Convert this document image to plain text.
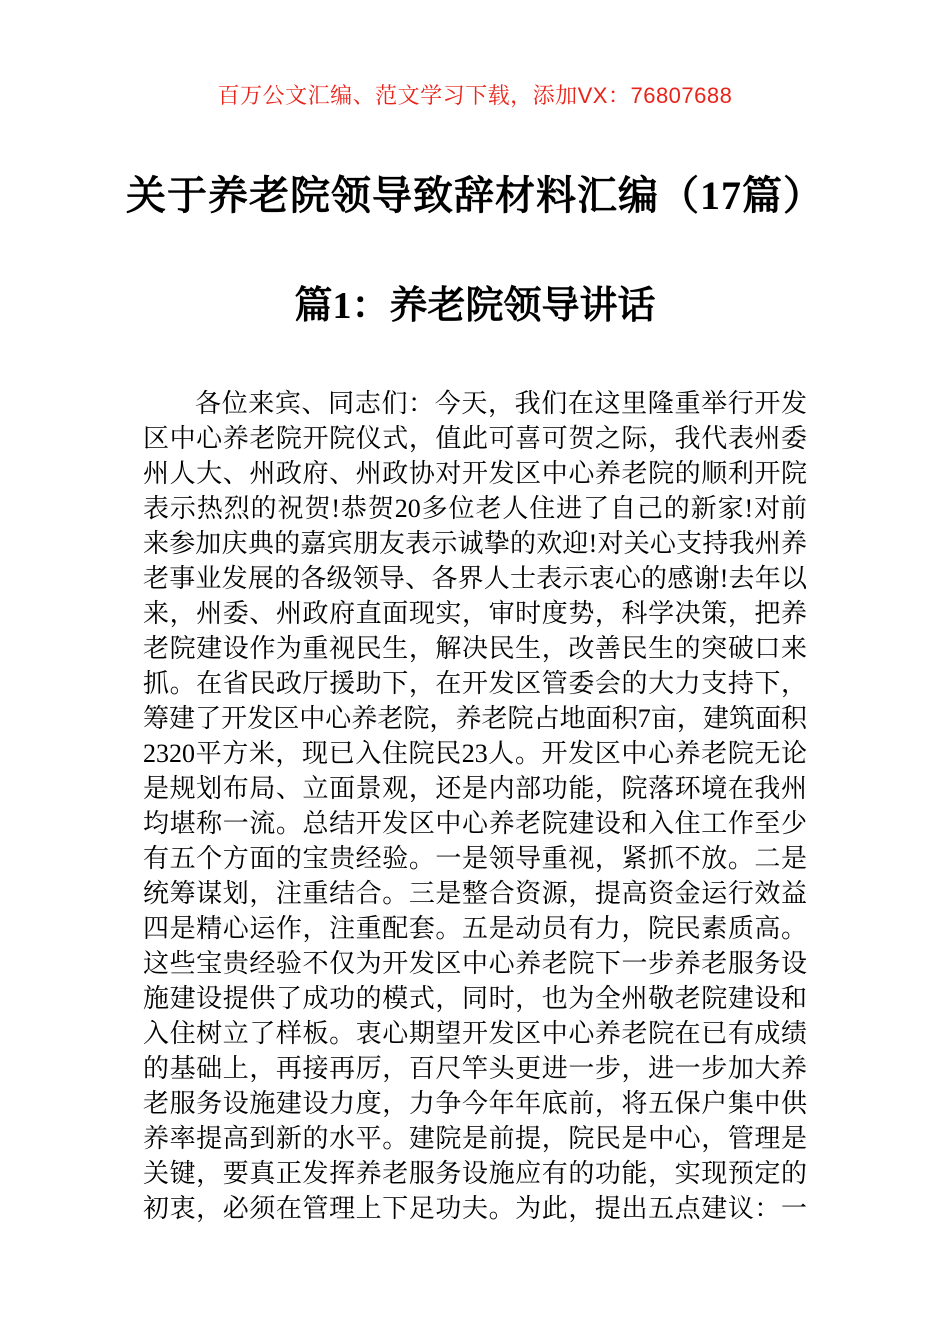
百万公文汇编、范文学习下载，添加VX：76807688
关于养老院领导致辞材料汇编（17篇）
篇1：养老院领导讲话
各位来宾、同志们：今天，我们在这里隆重举行开发
区中心养老院开院仪式，值此可喜可贺之际，我代表州委
州人大、州政府、州政协对开发区中心养老院的顺利开院
表示热烈的祝贺!恭贺20多位老人住进了自己的新家!对前
来参加庆典的嘉宾朋友表示诚挚的欢迎!对关心支持我州养
老事业发展的各级领导、各界人士表示衷心的感谢!去年以
来，州委、州政府直面现实，审时度势，科学决策，把养
老院建设作为重视民生，解决民生，改善民生的突破口来
抓。在省民政厅援助下，在开发区管委会的大力支持下，
筹建了开发区中心养老院，养老院占地面积7亩，建筑面积
2320平方米，现已入住院民23人。开发区中心养老院无论
是规划布局、立面景观，还是内部功能，院落环境在我州
均堪称一流。总结开发区中心养老院建设和入住工作至少
有五个方面的宝贵经验。一是领导重视，紧抓不放。二是
统筹谋划，注重结合。三是整合资源，提高资金运行效益
四是精心运作，注重配套。五是动员有力，院民素质高。
这些宝贵经验不仅为开发区中心养老院下一步养老服务设
施建设提供了成功的模式，同时，也为全州敬老院建设和
入住树立了样板。衷心期望开发区中心养老院在已有成绩
的基础上，再接再厉，百尺竿头更进一步，进一步加大养
老服务设施建设力度，力争今年年底前，将五保户集中供
养率提高到新的水平。建院是前提，院民是中心，管理是
关键，要真正发挥养老服务设施应有的功能，实现预定的
初衷，必须在管理上下足功夫。为此，提出五点建议：一
